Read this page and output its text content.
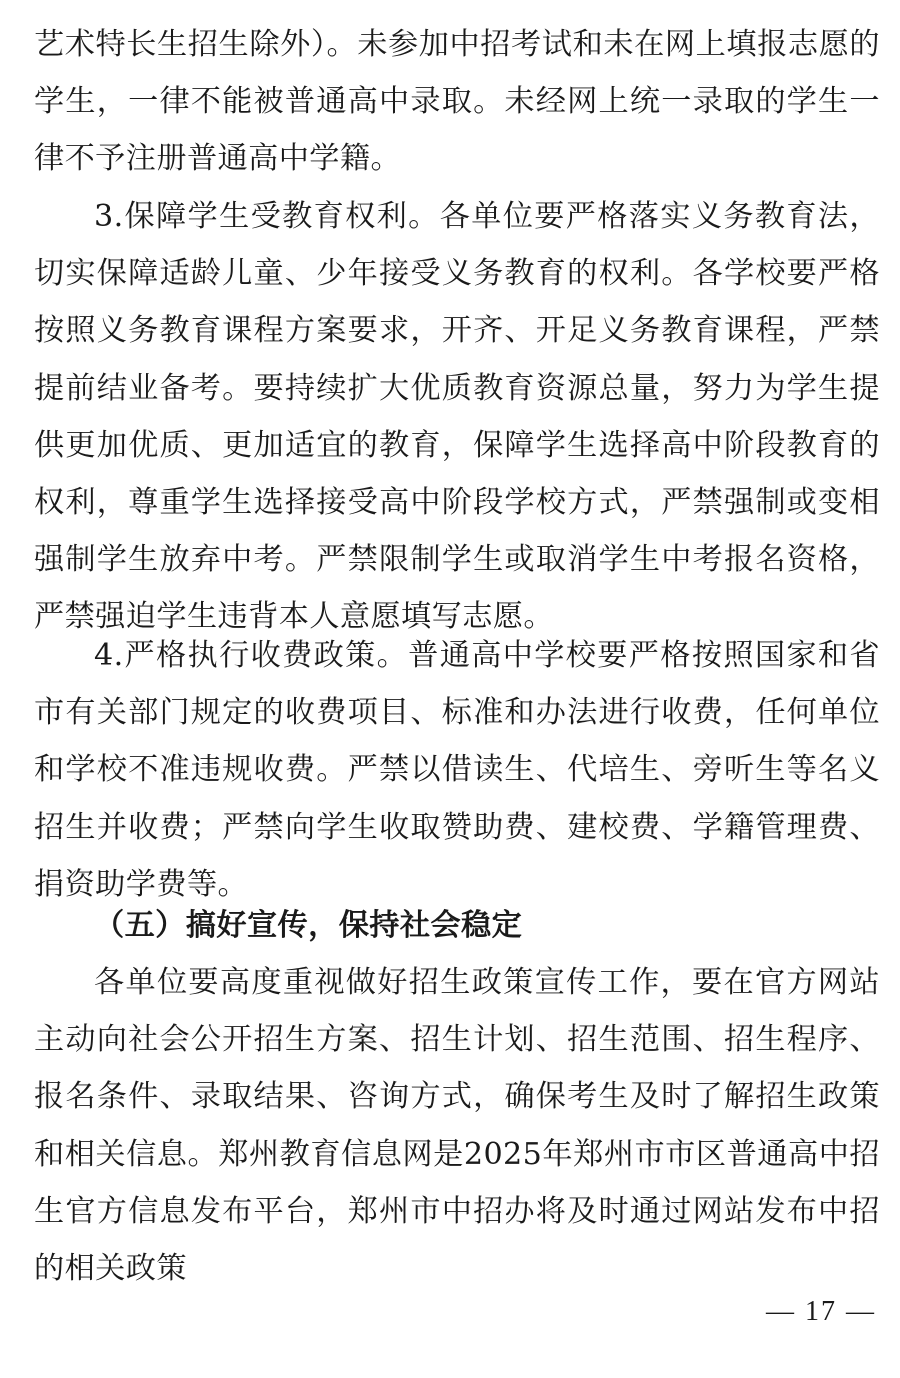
艺术特长生招生除外）。未参加中招考试和未在网上填报志愿的学生，一律不能被普通高中录取。未经网上统一录取的学生一律不予注册普通高中学籍。

3.保障学生受教育权利。各单位要严格落实义务教育法，切实保障适龄儿童、少年接受义务教育的权利。各学校要严格按照义务教育课程方案要求，开齐、开足义务教育课程，严禁提前结业备考。要持续扩大优质教育资源总量，努力为学生提供更加优质、更加适宜的教育，保障学生选择高中阶段教育的权利，尊重学生选择接受高中阶段学校方式，严禁强制或变相强制学生放弃中考。严禁限制学生或取消学生中考报名资格，严禁强迫学生违背本人意愿填写志愿。

4.严格执行收费政策。普通高中学校要严格按照国家和省市有关部门规定的收费项目、标准和办法进行收费，任何单位和学校不准违规收费。严禁以借读生、代培生、旁听生等名义招生并收费；严禁向学生收取赞助费、建校费、学籍管理费、捐资助学费等。

（五）搞好宣传，保持社会稳定

各单位要高度重视做好招生政策宣传工作，要在官方网站主动向社会公开招生方案、招生计划、招生范围、招生程序、报名条件、录取结果、咨询方式，确保考生及时了解招生政策和相关信息。郑州教育信息网是2025年郑州市市区普通高中招生官方信息发布平台，郑州市中招办将及时通过网站发布中招的相关政策

— 17 —
